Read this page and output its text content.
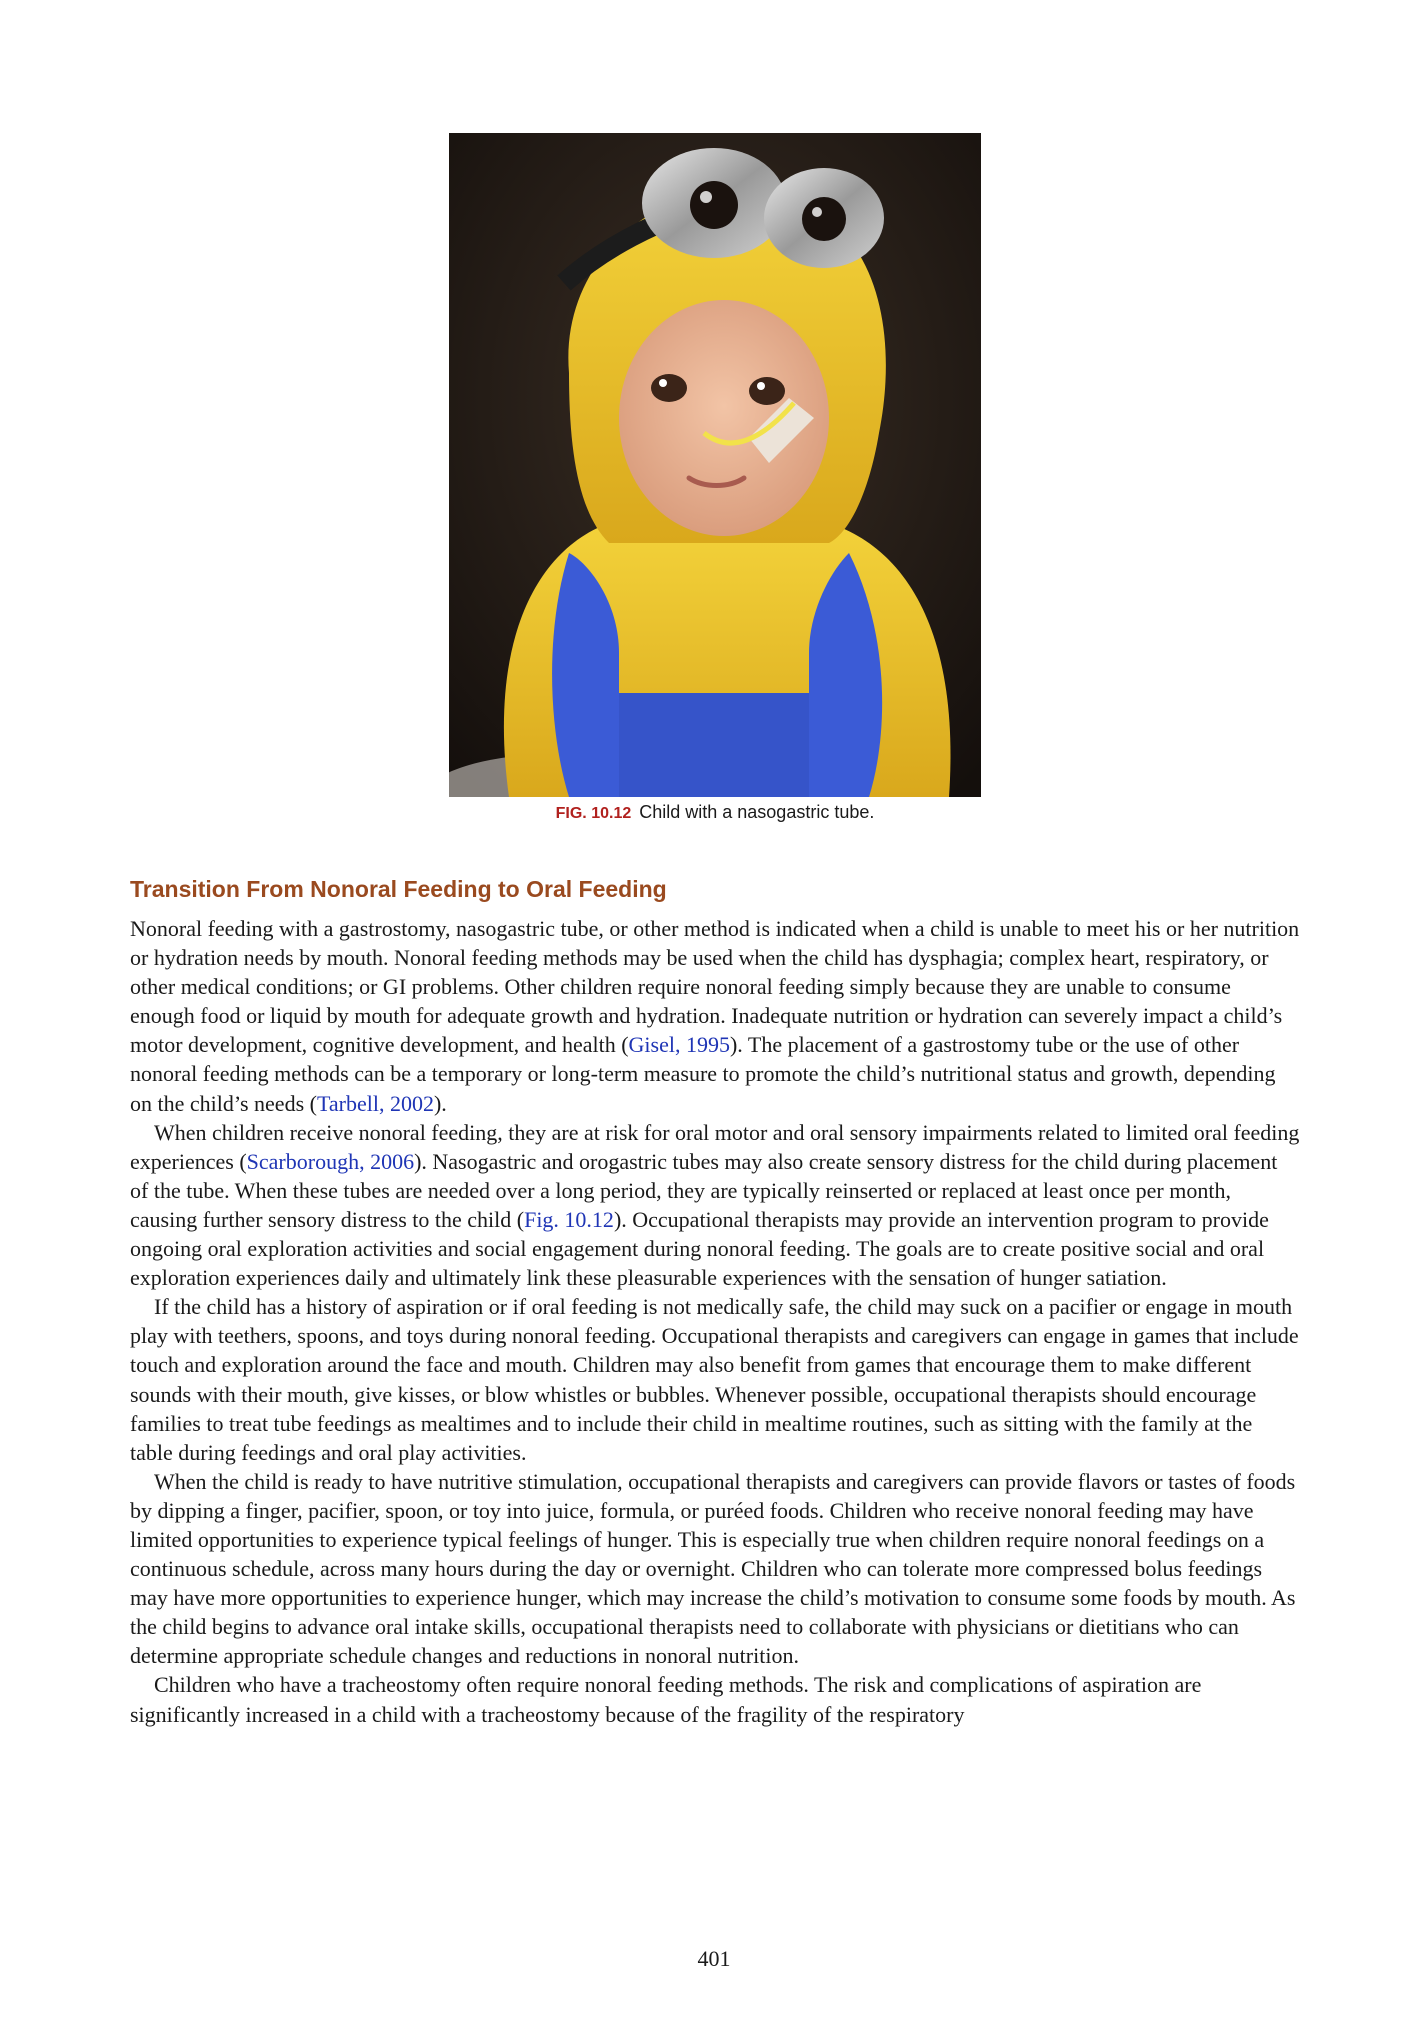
FIG. 10.12 Child with a nasogastric tube.
Transition From Nonoral Feeding to Oral Feeding

Nonoral feeding with a gastrostomy, nasogastric tube, or other method is indicated when a child is unable to meet his or her nutrition or hydration needs by mouth. Nonoral feeding methods may be used when the child has dysphagia; complex heart, respiratory, or other medical conditions; or GI problems. Other children require nonoral feeding simply because they are unable to consume enough food or liquid by mouth for adequate growth and hydration. Inadequate nutrition or hydration can severely impact a child’s motor development, cognitive development, and health (Gisel, 1995). The placement of a gastrostomy tube or the use of other nonoral feeding methods can be a temporary or long-term measure to promote the child’s nutritional status and growth, depending on the child’s needs (Tarbell, 2002).

When children receive nonoral feeding, they are at risk for oral motor and oral sensory impairments related to limited oral feeding experiences (Scarborough, 2006). Nasogastric and orogastric tubes may also create sensory distress for the child during placement of the tube. When these tubes are needed over a long period, they are typically reinserted or replaced at least once per month, causing further sensory distress to the child (Fig. 10.12). Occupational therapists may provide an intervention program to provide ongoing oral exploration activities and social engagement during nonoral feeding. The goals are to create positive social and oral exploration experiences daily and ultimately link these pleasurable experiences with the sensation of hunger satiation.

If the child has a history of aspiration or if oral feeding is not medically safe, the child may suck on a pacifier or engage in mouth play with teethers, spoons, and toys during nonoral feeding. Occupational therapists and caregivers can engage in games that include touch and exploration around the face and mouth. Children may also benefit from games that encourage them to make different sounds with their mouth, give kisses, or blow whistles or bubbles. Whenever possible, occupational therapists should encourage families to treat tube feedings as mealtimes and to include their child in mealtime routines, such as sitting with the family at the table during feedings and oral play activities.

When the child is ready to have nutritive stimulation, occupational therapists and caregivers can provide flavors or tastes of foods by dipping a finger, pacifier, spoon, or toy into juice, formula, or puréed foods. Children who receive nonoral feeding may have limited opportunities to experience typical feelings of hunger. This is especially true when children require nonoral feedings on a continuous schedule, across many hours during the day or overnight. Children who can tolerate more compressed bolus feedings may have more opportunities to experience hunger, which may increase the child’s motivation to consume some foods by mouth. As the child begins to advance oral intake skills, occupational therapists need to collaborate with physicians or dietitians who can determine appropriate schedule changes and reductions in nonoral nutrition.

Children who have a tracheostomy often require nonoral feeding methods. The risk and complications of aspiration are significantly increased in a child with a tracheostomy because of the fragility of the respiratory

401
